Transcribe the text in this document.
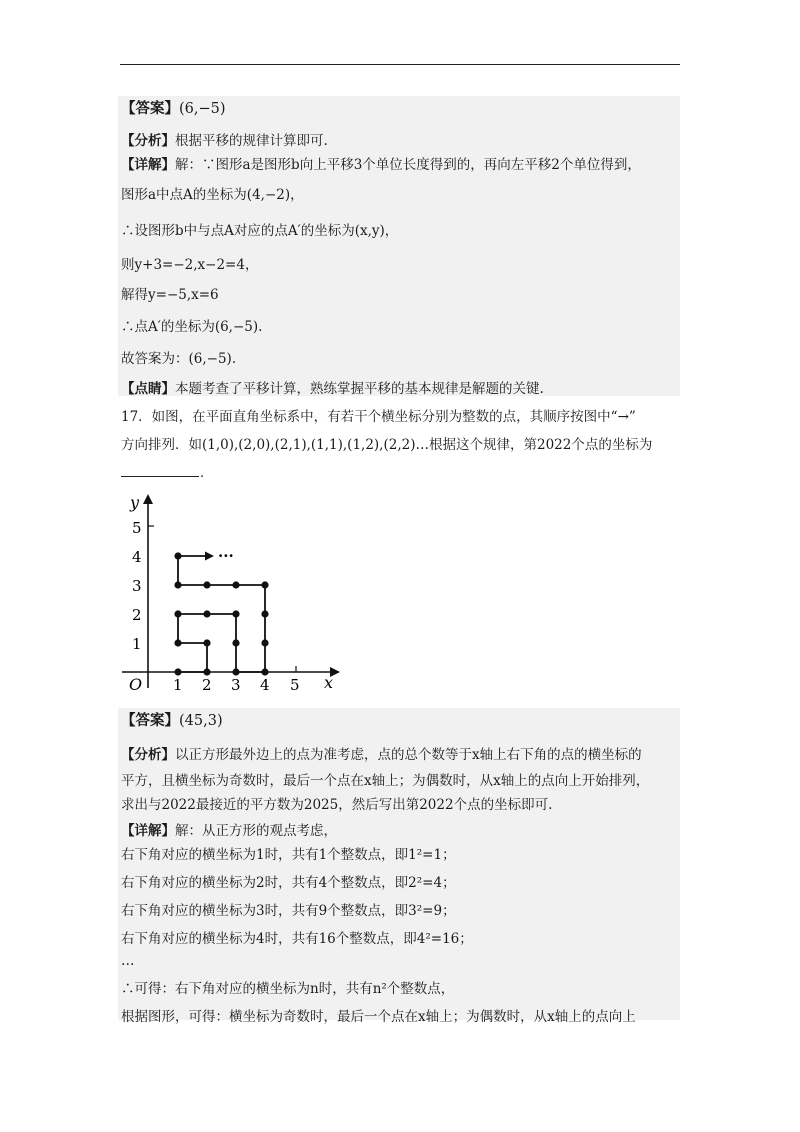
【答案】(6,−5)
【分析】根据平移的规律计算即可.
【详解】解：∵图形a是图形b向上平移3个单位长度得到的，再向左平移2个单位得到，
图形a中点A的坐标为(4,−2)，
∴设图形b中与点A对应的点A′的坐标为(x,y)，
则y+3=−2,x−2=4，
解得y=−5,x=6
∴点A′的坐标为(6,−5).
故答案为：(6,−5).
【点睛】本题考查了平移计算，熟练掌握平移的基本规律是解题的关键.
17．如图，在平面直角坐标系中，有若干个横坐标分别为整数的点，其顺序按图中“→”
方向排列．如(1,0),(2,0),(2,1),(1,1),(1,2),(2,2)…根据这个规律，第2022个点的坐标为
.
y
x
O
1
2
3
4
5
1 2 3 4 5
···
【答案】(45,3)
【分析】以正方形最外边上的点为准考虑，点的总个数等于x轴上右下角的点的横坐标的
平方，且横坐标为奇数时，最后一个点在x轴上；为偶数时，从x轴上的点向上开始排列，
求出与2022最接近的平方数为2025，然后写出第2022个点的坐标即可.
【详解】解：从正方形的观点考虑，
右下角对应的横坐标为1时，共有1个整数点，即1²=1；
右下角对应的横坐标为2时，共有4个整数点，即2²=4；
右下角对应的横坐标为3时，共有9个整数点，即3²=9；
右下角对应的横坐标为4时，共有16个整数点，即4²=16；
…
∴可得：右下角对应的横坐标为n时，共有n²个整数点，
根据图形，可得：横坐标为奇数时，最后一个点在x轴上；为偶数时，从x轴上的点向上
